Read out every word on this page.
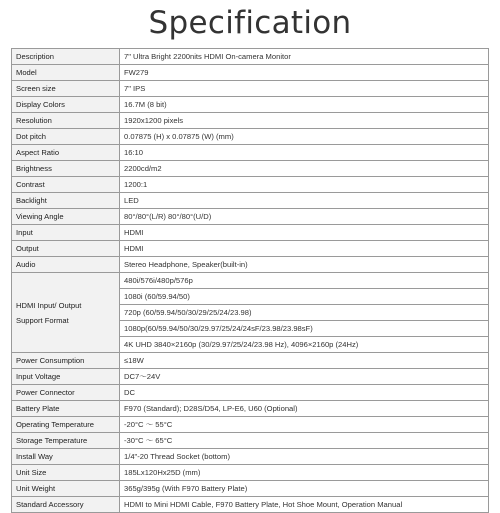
Specification
Description	7" Ultra Bright 2200nits HDMI On-camera Monitor
Model	FW279
Screen size	7" IPS
Display Colors	16.7M (8 bit)
Resolution	1920x1200 pixels
Dot pitch	0.07875 (H) x 0.07875 (W) (mm)
Aspect Ratio	16:10
Brightness	2200cd/m2
Contrast	1200:1
Backlight	LED
Viewing Angle	80°/80°(L/R) 80°/80°(U/D)
Input	HDMI
Output	HDMI
Audio	Stereo Headphone, Speaker(built-in)

HDMI Input/ Output
Support Format	480i/576i/480p/576p
	1080i (60/59.94/50)
	720p (60/59.94/50/30/29/25/24/23.98)
	1080p(60/59.94/50/30/29.97/25/24/24sF/23.98/23.98sF)
	4K UHD 3840×2160p (30/29.97/25/24/23.98 Hz), 4096×2160p (24Hz)
Power Consumption	≤18W
Input Voltage	DC7～24V
Power Connector	DC
Battery Plate	F970 (Standard); D28S/D54, LP-E6, U60 (Optional)
Operating Temperature	-20°C ～ 55°C
Storage Temperature	-30°C ～ 65°C
Install Way	1/4"-20 Thread Socket (bottom)
Unit Size	185Lx120Hx25D (mm)
Unit Weight	365g/395g (With F970 Battery Plate)
Standard Accessory	HDMI to Mini HDMI Cable, F970 Battery Plate, Hot Shoe Mount, Operation Manual
